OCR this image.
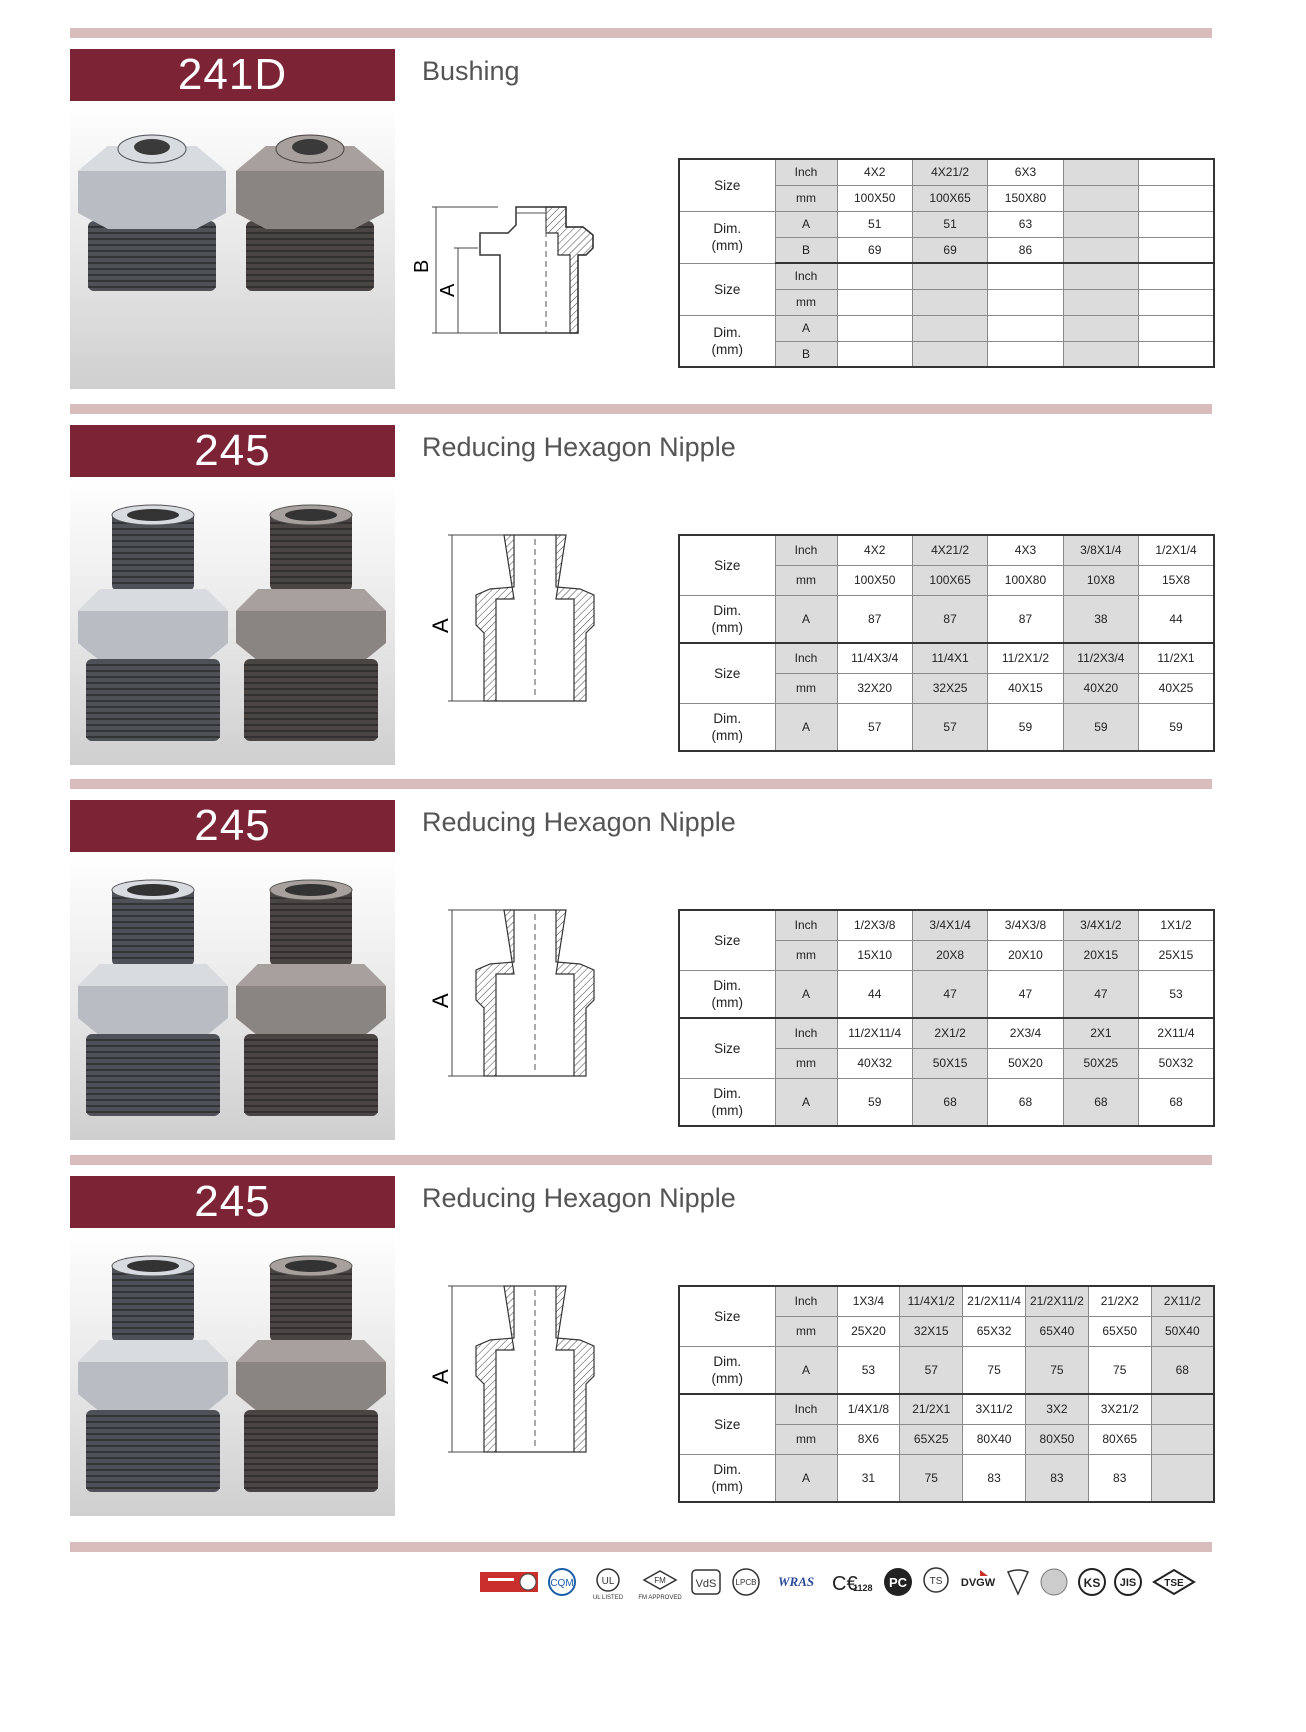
241D	Bushing
B
A
Size	Inch	4X2	4X21/2	6X3		
	mm	100X50	100X65	150X80		
Dim.
(mm)	A	51	51	63		
	B	69	69	86		
Size	Inch					
	mm					
Dim.
(mm)	A					
	B					
245	Reducing Hexagon Nipple
A
Size	Inch	4X2	4X21/2	4X3	3/8X1/4	1/2X1/4
	mm	100X50	100X65	100X80	10X8	15X8
Dim.
(mm)	A	87	87	87	38	44
Size	Inch	11/4X3/4	11/4X1	11/2X1/2	11/2X3/4	11/2X1
	mm	32X20	32X25	40X15	40X20	40X25
Dim.
(mm)	A	57	57	59	59	59
245	Reducing Hexagon Nipple
A
Size	Inch	1/2X3/8	3/4X1/4	3/4X3/8	3/4X1/2	1X1/2
	mm	15X10	20X8	20X10	20X15	25X15
Dim.
(mm)	A	44	47	47	47	53
Size	Inch	11/2X11/4	2X1/2	2X3/4	2X1	2X11/4
	mm	40X32	50X15	50X20	50X25	50X32
Dim.
(mm)	A	59	68	68	68	68
245	Reducing Hexagon Nipple
A
Size	Inch	1X3/4	11/4X1/2	21/2X11/4	21/2X11/2	21/2X2	2X11/2
	mm	25X20	32X15	65X32	65X40	65X50	50X40
Dim.
(mm)	A	53	57	75	75	75	68
Size	Inch	1/4X1/8	21/2X1	3X11/2	3X2	3X21/2	
	mm	8X6	65X25	80X40	80X50	80X65	
Dim.
(mm)	A	31	75	83	83	83	
CQM	UL
UL LISTED
FM
FM APPROVED
VdS LPCB WRAS C€
1128 PC TS DVGW	KS JIS	TSE
